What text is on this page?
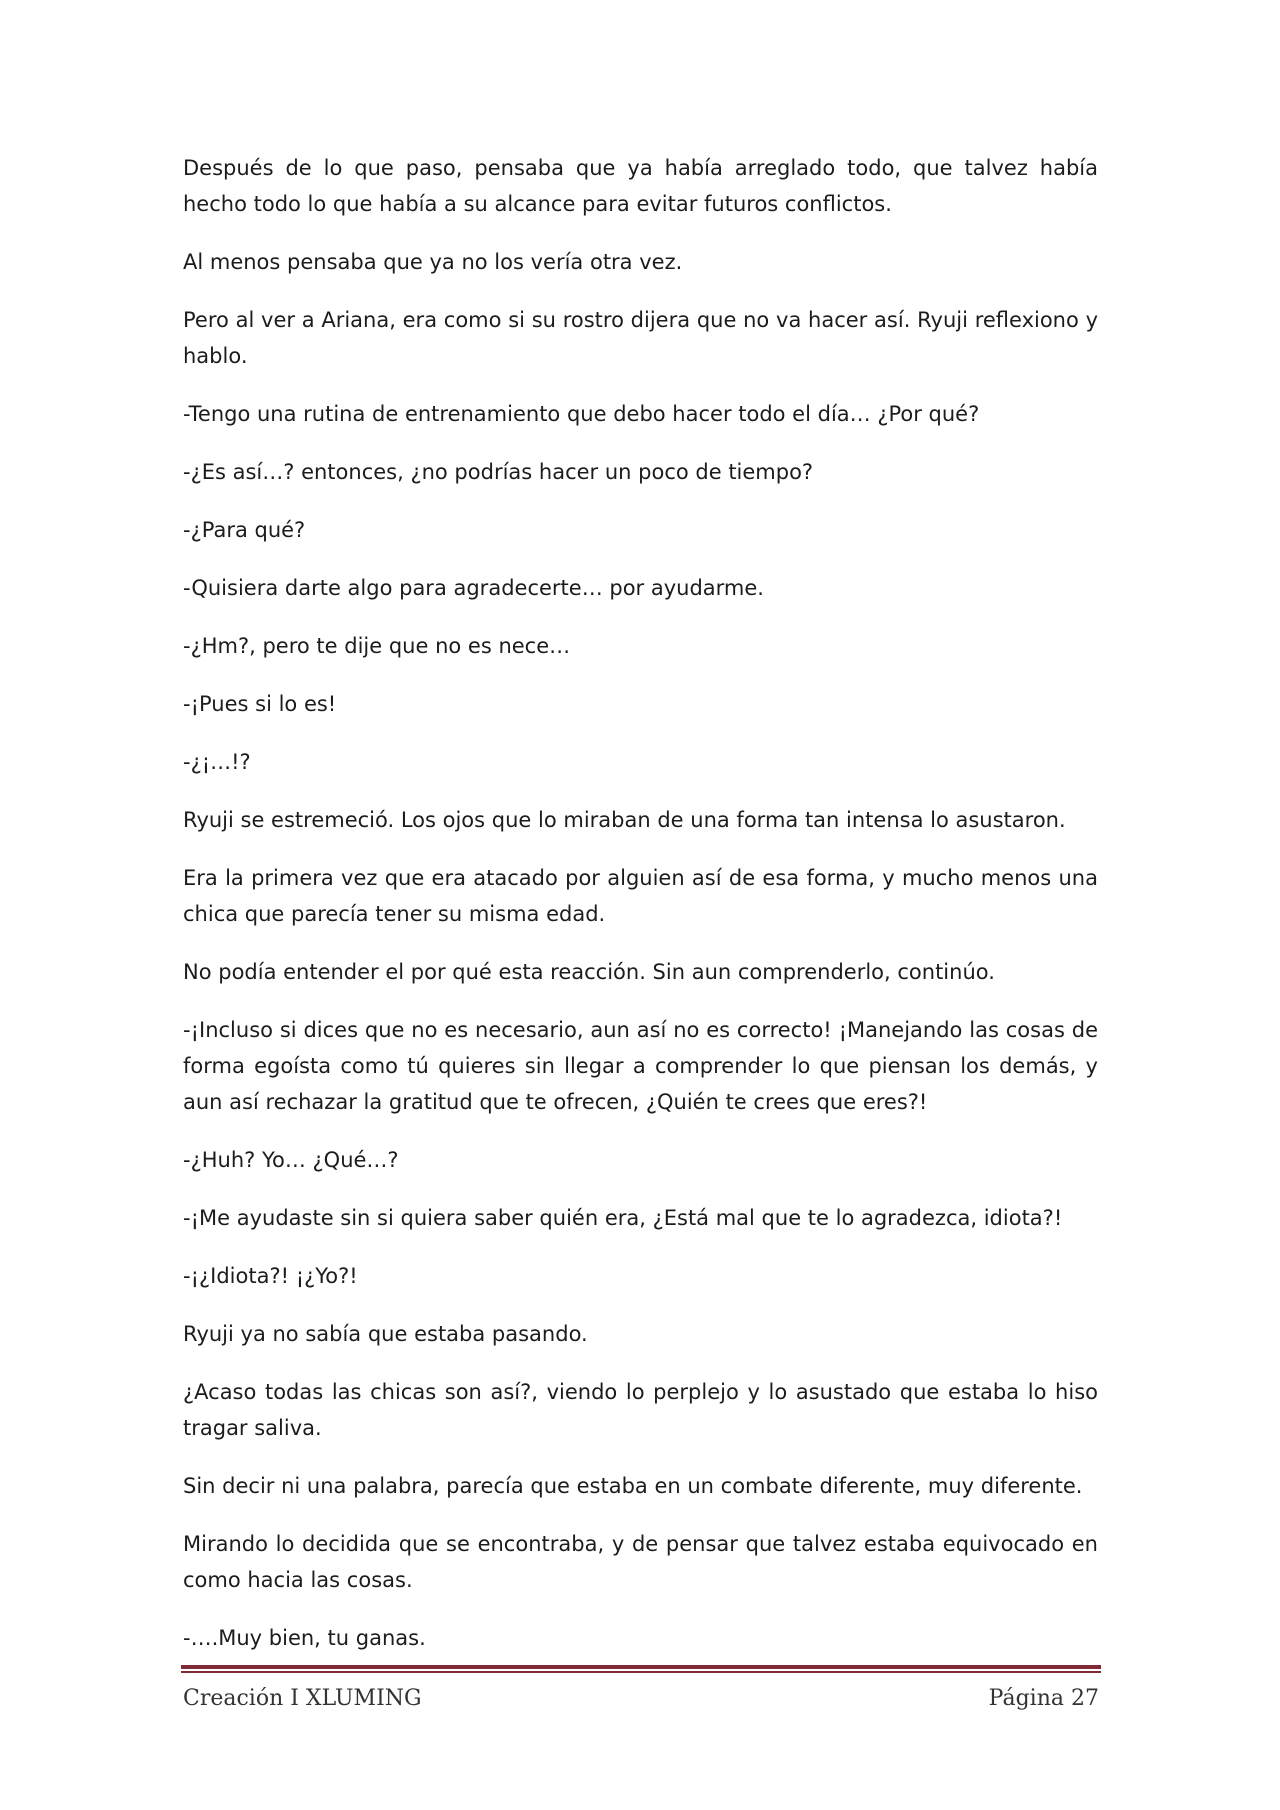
Después de lo que paso, pensaba que ya había arreglado todo, que talvez había hecho todo lo que había a su alcance para evitar futuros conflictos.

Al menos pensaba que ya no los vería otra vez.

Pero al ver a Ariana, era como si su rostro dijera que no va hacer así. Ryuji reflexiono y hablo.

-Tengo una rutina de entrenamiento que debo hacer todo el día… ¿Por qué?

-¿Es así…? entonces, ¿no podrías hacer un poco de tiempo?

-¿Para qué?

-Quisiera darte algo para agradecerte… por ayudarme.

-¿Hm?, pero te dije que no es nece…

-¡Pues si lo es!

-¿¡…!?

Ryuji se estremeció. Los ojos que lo miraban de una forma tan intensa lo asustaron.

Era la primera vez que era atacado por alguien así de esa forma, y mucho menos una chica que parecía tener su misma edad.

No podía entender el por qué esta reacción. Sin aun comprenderlo, continúo.

-¡Incluso si dices que no es necesario, aun así no es correcto! ¡Manejando las cosas de forma egoísta como tú quieres sin llegar a comprender lo que piensan los demás, y aun así rechazar la gratitud que te ofrecen, ¿Quién te crees que eres?!

-¿Huh? Yo… ¿Qué…?

-¡Me ayudaste sin si quiera saber quién era, ¿Está mal que te lo agradezca, idiota?!

-¡¿Idiota?! ¡¿Yo?!

Ryuji ya no sabía que estaba pasando.

¿Acaso todas las chicas son así?, viendo lo perplejo y lo asustado que estaba lo hiso tragar saliva.

Sin decir ni una palabra, parecía que estaba en un combate diferente, muy diferente.

Mirando lo decidida que se encontraba, y de pensar que talvez estaba equivocado en como hacia las cosas.

-….Muy bien, tu ganas.

Creación I XLUMING	Página 27
